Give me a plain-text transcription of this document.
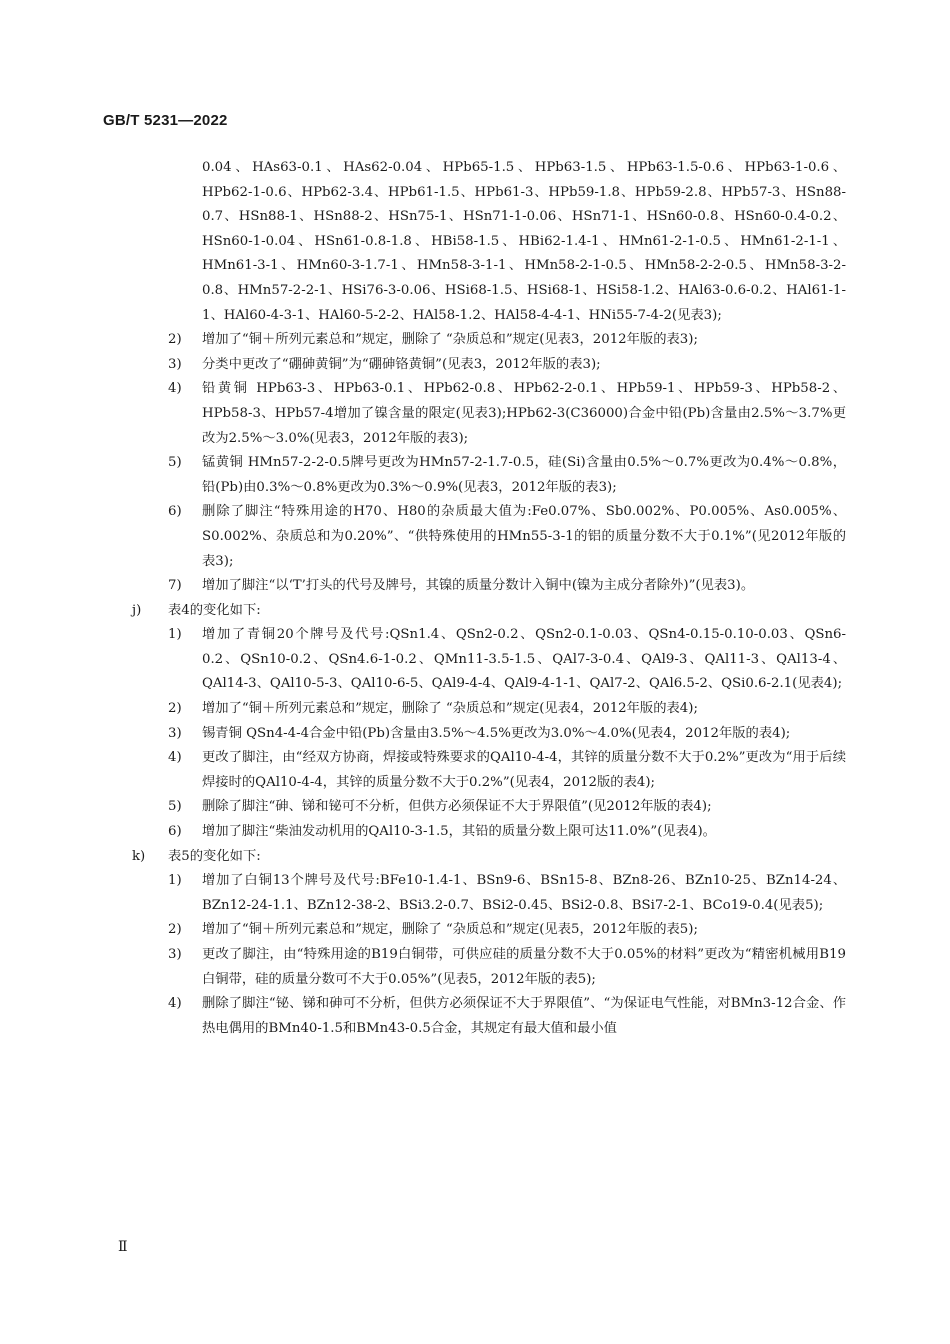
GB/T 5231—2022
0.04、HAs63-0.1、HAs62-0.04、HPb65-1.5、HPb63-1.5、HPb63-1.5-0.6、HPb63-1-0.6、HPb62-1-0.6、HPb62-3.4、HPb61-1.5、HPb61-3、HPb59-1.8、HPb59-2.8、HPb57-3、HSn88-0.7、HSn88-1、HSn88-2、HSn75-1、HSn71-1-0.06、HSn71-1、HSn60-0.8、HSn60-0.4-0.2、HSn60-1-0.04、HSn61-0.8-1.8、HBi58-1.5、HBi62-1.4-1、HMn61-2-1-0.5、HMn61-2-1-1、HMn61-3-1、HMn60-3-1.7-1、HMn58-3-1-1、HMn58-2-1-0.5、HMn58-2-2-0.5、HMn58-3-2-0.8、HMn57-2-2-1、HSi76-3-0.06、HSi68-1.5、HSi68-1、HSi58-1.2、HAl63-0.6-0.2、HAl61-1-1、HAl60-4-3-1、HAl60-5-2-2、HAl58-1.2、HAl58-4-4-1、HNi55-7-4-2(见表3);
2) 增加了“铜＋所列元素总和”规定，删除了 “杂质总和”规定(见表3，2012年版的表3);
3) 分类中更改了“硼砷黄铜”为“硼砷铬黄铜”(见表3，2012年版的表3);
4) 铅黄铜 HPb63-3、HPb63-0.1、HPb62-0.8、HPb62-2-0.1、HPb59-1、HPb59-3、HPb58-2、HPb58-3、HPb57-4增加了镍含量的限定(见表3);HPb62-3(C36000)合金中铅(Pb)含量由2.5%～3.7%更改为2.5%～3.0%(见表3，2012年版的表3);
5) 锰黄铜 HMn57-2-2-0.5牌号更改为HMn57-2-1.7-0.5，硅(Si)含量由0.5%～0.7%更改为0.4%～0.8%，铅(Pb)由0.3%～0.8%更改为0.3%～0.9%(见表3，2012年版的表3);
6) 删除了脚注“特殊用途的H70、H80的杂质最大值为:Fe0.07%、Sb0.002%、P0.005%、As0.005%、S0.002%、杂质总和为0.20%”、“供特殊使用的HMn55-3-1的铝的质量分数不大于0.1%”(见2012年版的表3);
7) 增加了脚注“以‘T’打头的代号及牌号，其镍的质量分数计入铜中(镍为主成分者除外)”(见表3)。
j) 表4的变化如下:
1) 增加了青铜20个牌号及代号:QSn1.4、QSn2-0.2、QSn2-0.1-0.03、QSn4-0.15-0.10-0.03、QSn6-0.2、QSn10-0.2、QSn4.6-1-0.2、QMn11-3.5-1.5、QAl7-3-0.4、QAl9-3、QAl11-3、QAl13-4、QAl14-3、QAl10-5-3、QAl10-6-5、QAl9-4-4、QAl9-4-1-1、QAl7-2、QAl6.5-2、QSi0.6-2.1(见表4);
2) 增加了“铜＋所列元素总和”规定，删除了 “杂质总和”规定(见表4，2012年版的表4);
3) 锡青铜 QSn4-4-4合金中铅(Pb)含量由3.5%～4.5%更改为3.0%～4.0%(见表4，2012年版的表4);
4) 更改了脚注，由“经双方协商，焊接或特殊要求的QAl10-4-4，其锌的质量分数不大于0.2%”更改为“用于后续焊接时的QAl10-4-4，其锌的质量分数不大于0.2%”(见表4，2012版的表4);
5) 删除了脚注“砷、锑和铋可不分析，但供方必须保证不大于界限值”(见2012年版的表4);
6) 增加了脚注“柴油发动机用的QAl10-3-1.5，其铅的质量分数上限可达11.0%”(见表4)。
k) 表5的变化如下:
1) 增加了白铜13个牌号及代号:BFe10-1.4-1、BSn9-6、BSn15-8、BZn8-26、BZn10-25、BZn14-24、BZn12-24-1.1、BZn12-38-2、BSi3.2-0.7、BSi2-0.45、BSi2-0.8、BSi7-2-1、BCo19-0.4(见表5);
2) 增加了“铜＋所列元素总和”规定，删除了 “杂质总和”规定(见表5，2012年版的表5);
3) 更改了脚注，由“特殊用途的B19白铜带，可供应硅的质量分数不大于0.05%的材料”更改为“精密机械用B19白铜带，硅的质量分数可不大于0.05%”(见表5，2012年版的表5);
4) 删除了脚注“铋、锑和砷可不分析，但供方必须保证不大于界限值”、“为保证电气性能，对BMn3-12合金、作热电偶用的BMn40-1.5和BMn43-0.5合金，其规定有最大值和最小值
Ⅱ
